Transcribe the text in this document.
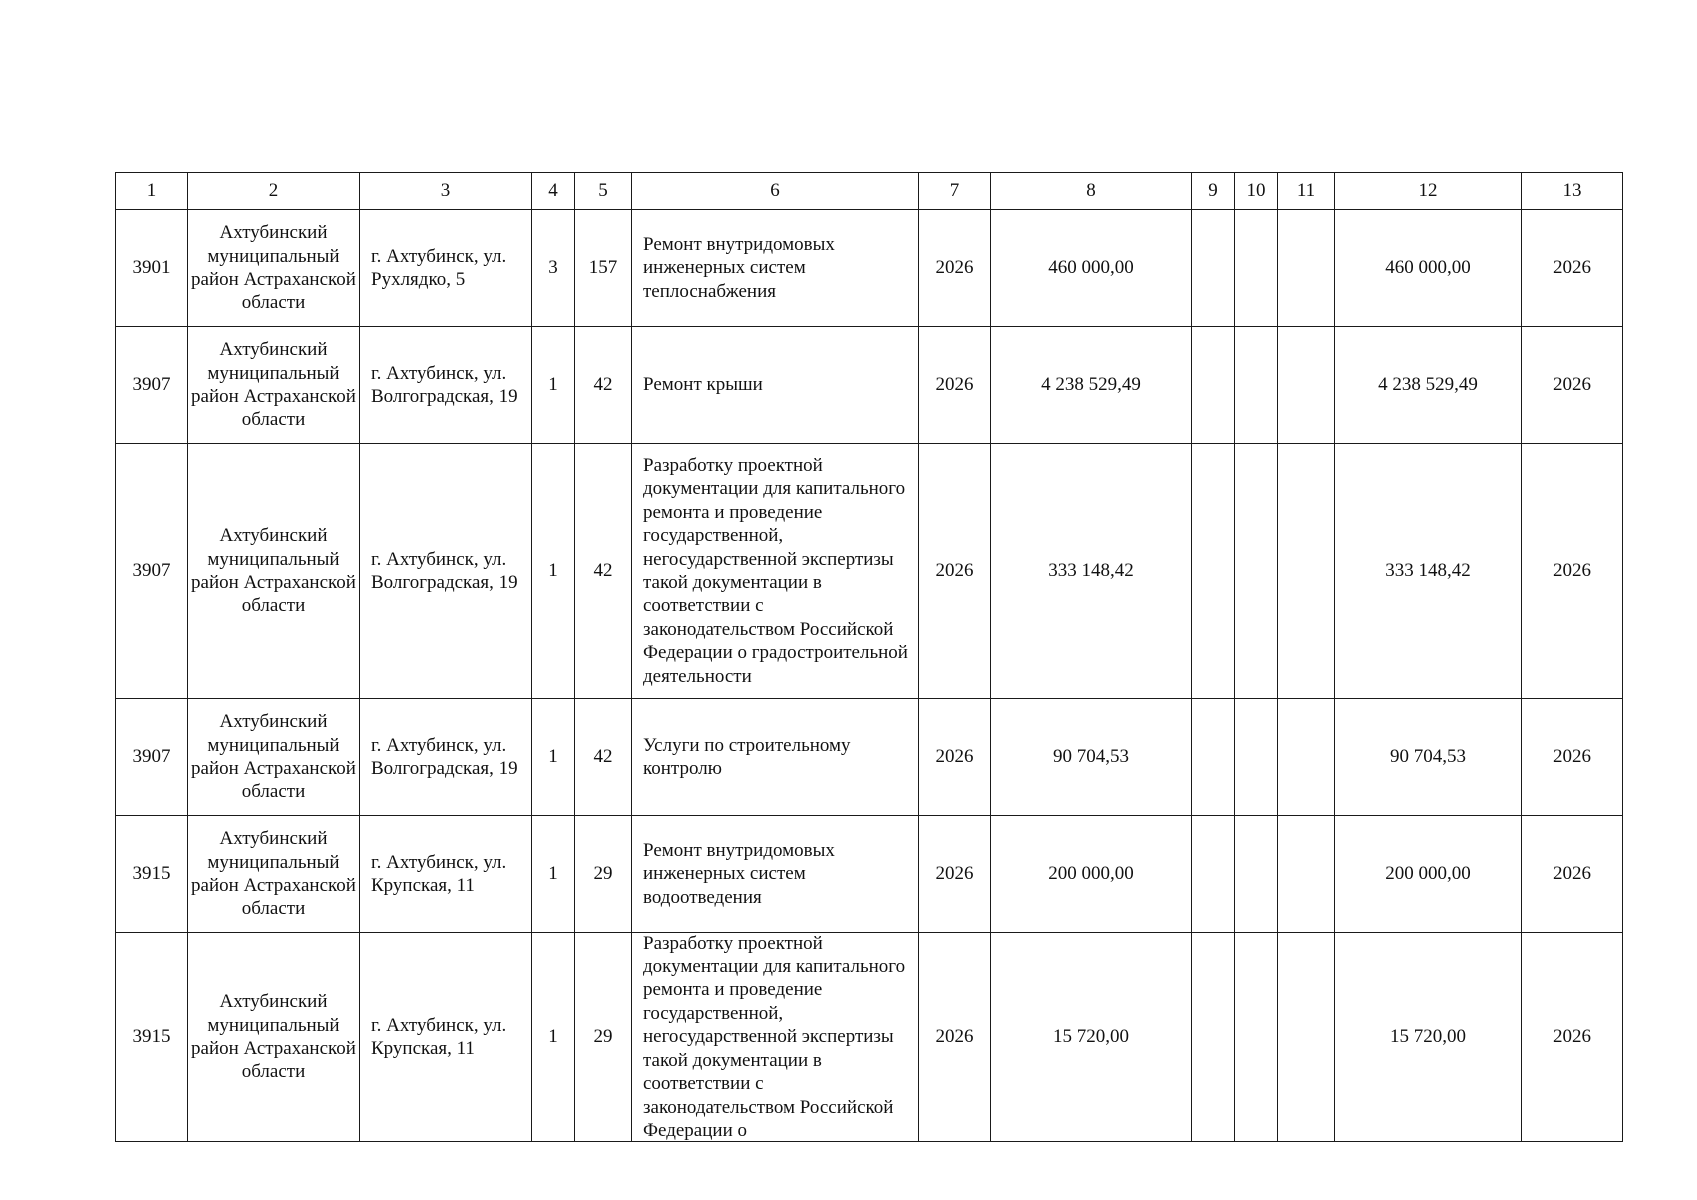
1	2	3	4	5	6	7	8	9	10	11	12	13
3901	Ахтубинский муниципальный район Астраханской области	г. Ахтубинск, ул. Рухлядко, 5	3	157	Ремонт внутридомовых инженерных систем теплоснабжения	2026	460 000,00				460 000,00	2026
3907	Ахтубинский муниципальный район Астраханской области	г. Ахтубинск, ул. Волгоградская, 19	1	42	Ремонт крыши	2026	4 238 529,49				4 238 529,49	2026
3907	Ахтубинский муниципальный район Астраханской области	г. Ахтубинск, ул. Волгоградская, 19	1	42	Разработку проектной документации для капитального ремонта и проведение государственной, негосударственной экспертизы такой документации в соответствии с законодательством Российской Федерации о градостроительной деятельности	2026	333 148,42				333 148,42	2026
3907	Ахтубинский муниципальный район Астраханской области	г. Ахтубинск, ул. Волгоградская, 19	1	42	Услуги по строительному контролю	2026	90 704,53				90 704,53	2026
3915	Ахтубинский муниципальный район Астраханской области	г. Ахтубинск, ул. Крупская, 11	1	29	Ремонт внутридомовых инженерных систем водоотведения	2026	200 000,00				200 000,00	2026
3915	Ахтубинский муниципальный район Астраханской области	г. Ахтубинск, ул. Крупская, 11	1	29	Разработку проектной документации для капитального ремонта и проведение государственной, негосударственной экспертизы такой документации в соответствии с законодательством Российской Федерации о	2026	15 720,00				15 720,00	2026
